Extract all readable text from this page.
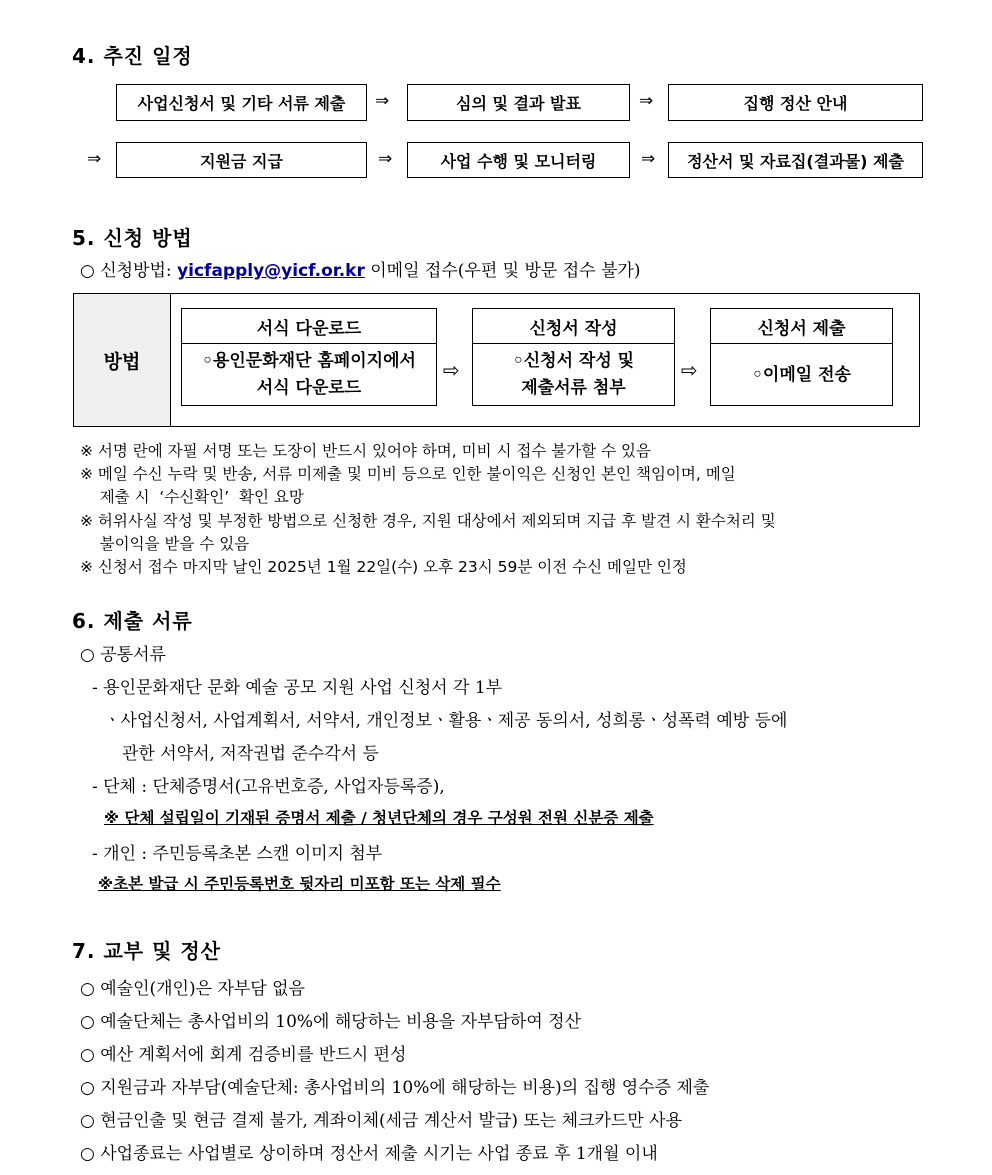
4. 추진 일정
사업신청서 및 기타 서류 제출	⇒	심의 및 결과 발표	⇒	집행 정산 안내
⇒	지원금 지급	⇒	사업 수행 및 모니터링	⇒	정산서 및 자료집(결과물) 제출
5. 신청 방법
○ 신청방법: yicfapply@yicf.or.kr 이메일 접수(우편 및 방문 접수 불가)
방법
서식 다운로드
◦용인문화재단 홈페이지에서
서식 다운로드
⇨
신청서 작성
◦신청서 작성 및
제출서류 첨부
⇨
신청서 제출
◦이메일 전송
※ 서명 란에 자필 서명 또는 도장이 반드시 있어야 하며, 미비 시 접수 불가할 수 있음
※ 메일 수신 누락 및 반송, 서류 미제출 및 미비 등으로 인한 불이익은 신청인 본인 책임이며, 메일
제출 시  ‘수신확인’  확인 요망
※ 허위사실 작성 및 부정한 방법으로 신청한 경우, 지원 대상에서 제외되며 지급 후 발견 시 환수처리 및
불이익을 받을 수 있음
※ 신청서 접수 마지막 날인 2025년 1월 22일(수) 오후 23시 59분 이전 수신 메일만 인정
6. 제출 서류
○ 공통서류
- 용인문화재단 문화 예술 공모 지원 사업 신청서 각 1부
ㆍ사업신청서, 사업계획서, 서약서, 개인정보ㆍ활용ㆍ제공 동의서, 성희롱ㆍ성폭력 예방 등에
관한 서약서, 저작권법 준수각서 등
- 단체 : 단체증명서(고유번호증, 사업자등록증),
※ 단체 설립일이 기재된 증명서 제출 / 청년단체의 경우 구성원 전원 신분증 제출
- 개인 : 주민등록초본 스캔 이미지 첨부
※초본 발급 시 주민등록번호 뒷자리 미포함 또는 삭제 필수
7. 교부 및 정산
○ 예술인(개인)은 자부담 없음
○ 예술단체는 총사업비의 10%에 해당하는 비용을 자부담하여 정산
○ 예산 계획서에 회계 검증비를 반드시 편성
○ 지원금과 자부담(예술단체: 총사업비의 10%에 해당하는 비용)의 집행 영수증 제출
○ 현금인출 및 현금 결제 불가, 계좌이체(세금 계산서 발급) 또는 체크카드만 사용
○ 사업종료는 사업별로 상이하며 정산서 제출 시기는 사업 종료 후 1개월 이내
